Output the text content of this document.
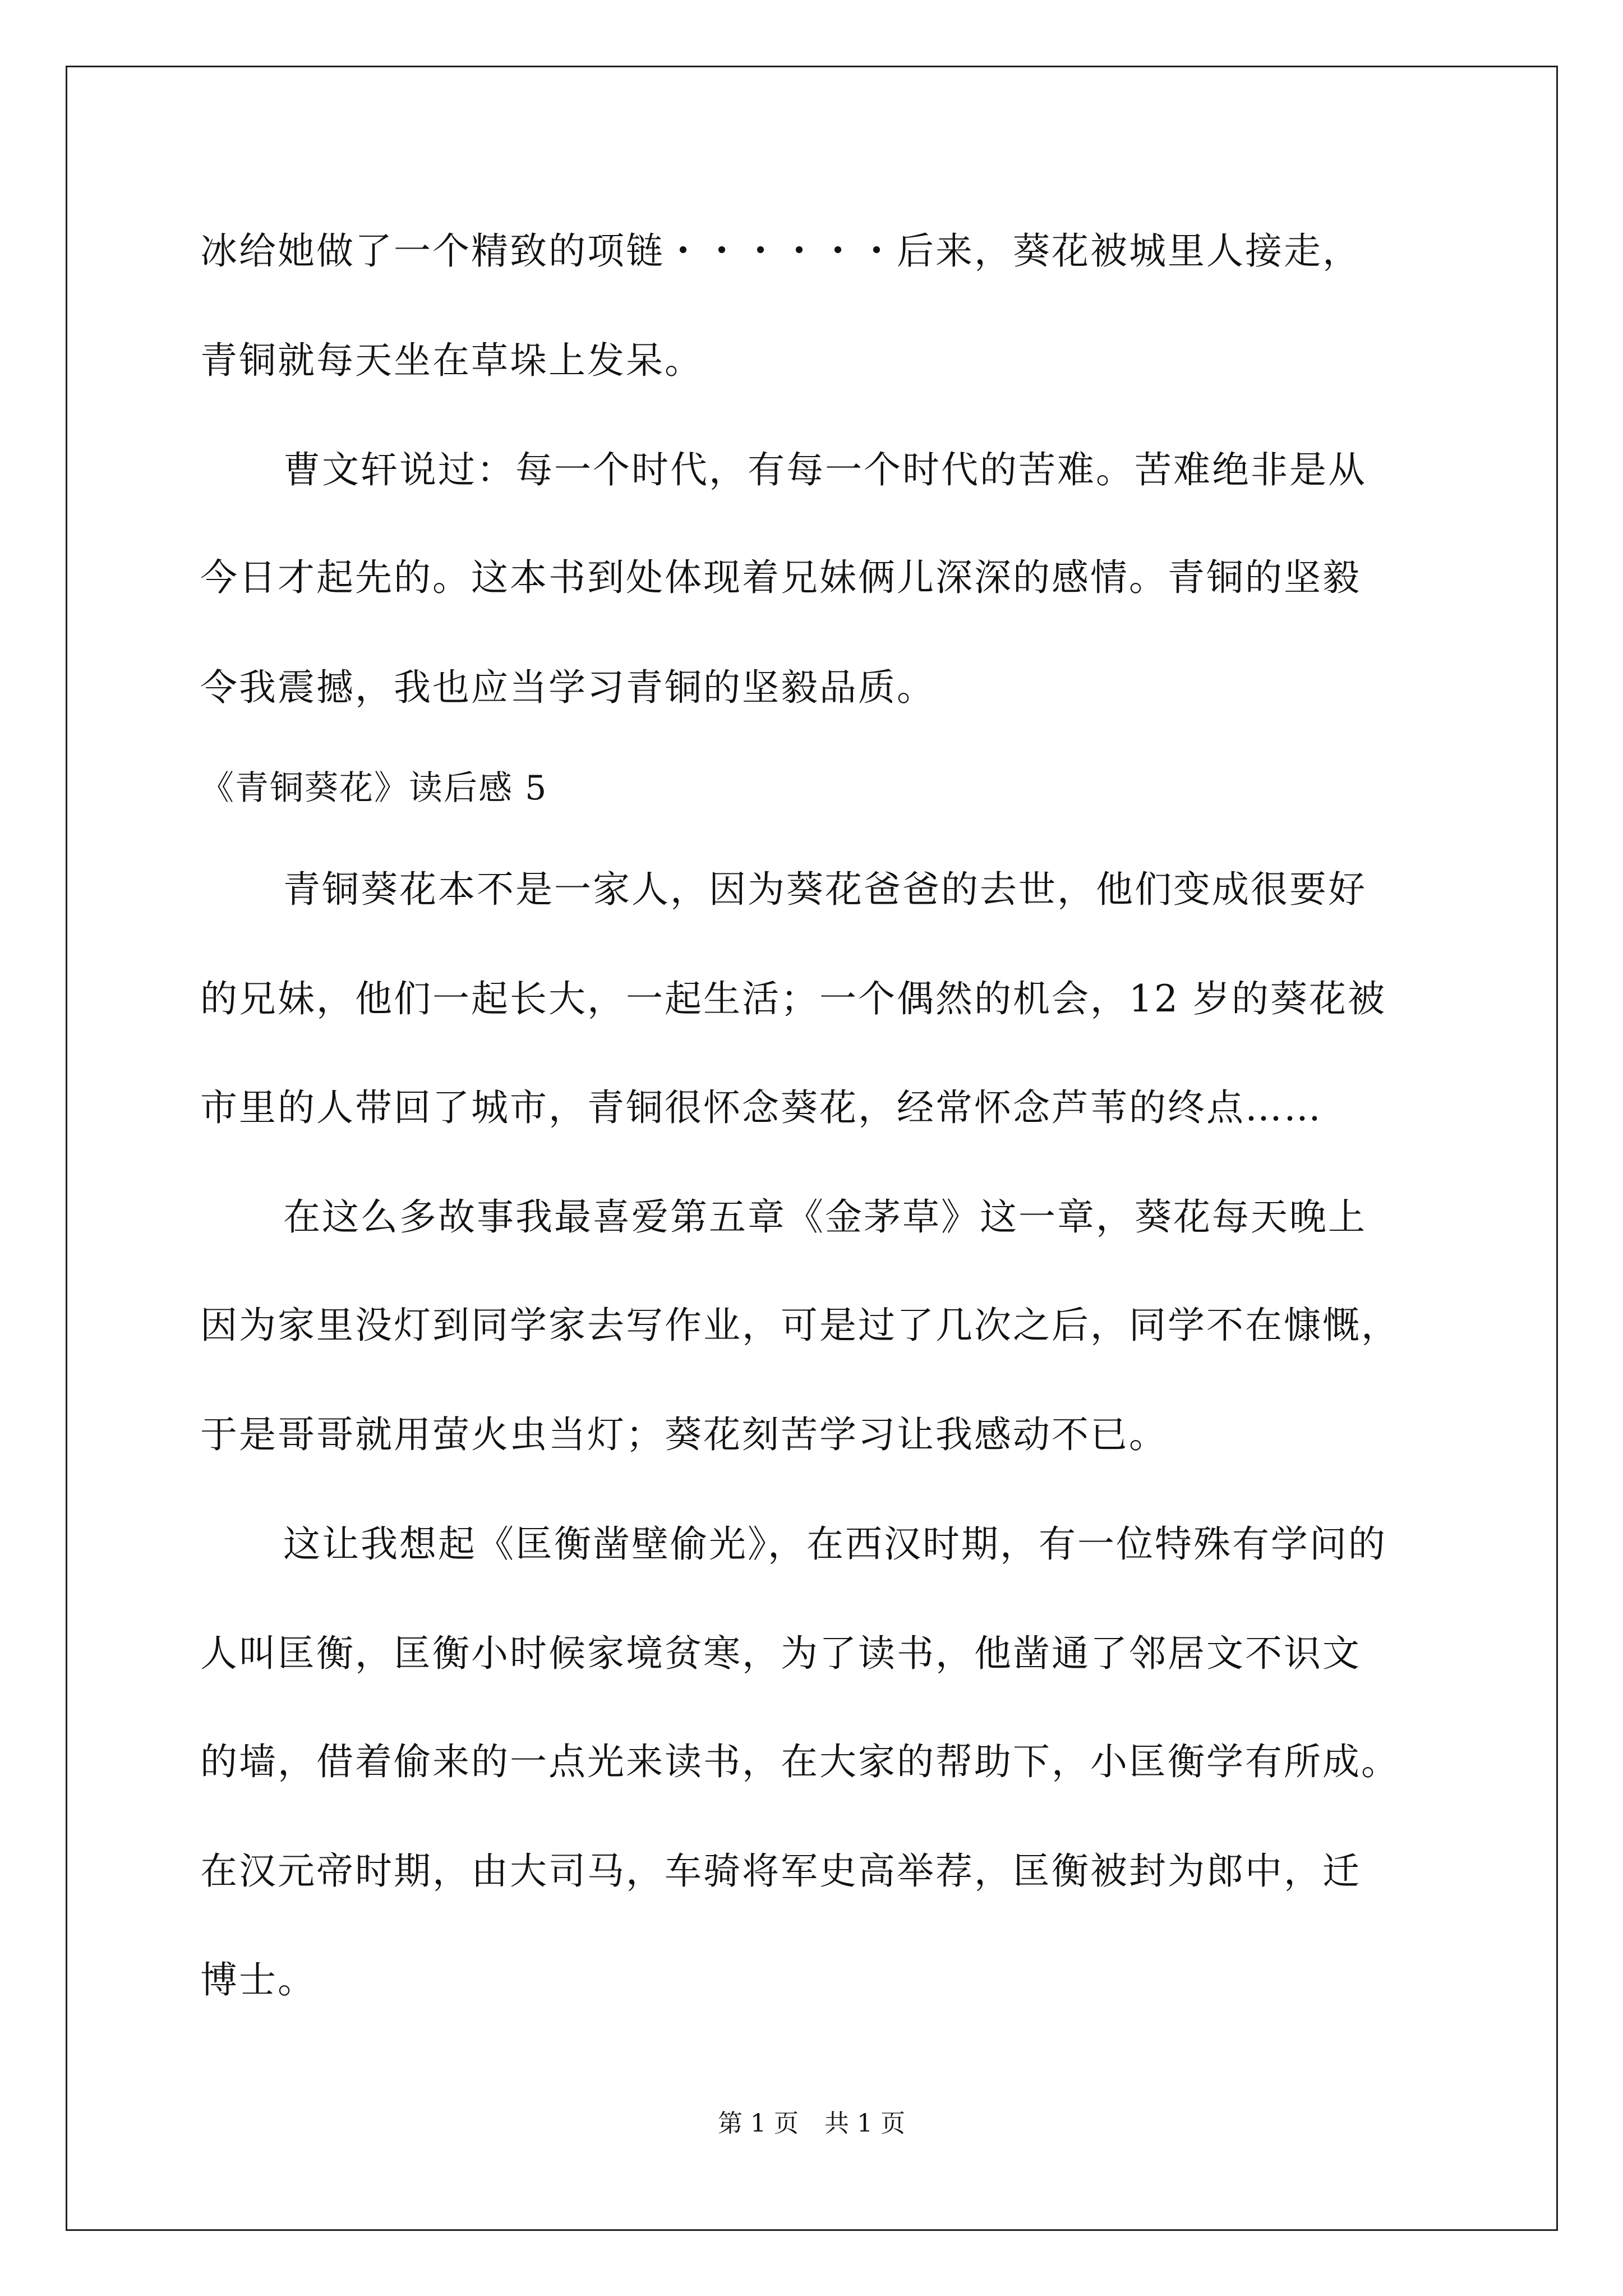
冰给她做了一个精致的项链・・・・・・后来，葵花被城里人接走，
青铜就每天坐在草垛上发呆。
曹文轩说过：每一个时代，有每一个时代的苦难。苦难绝非是从
今日才起先的。这本书到处体现着兄妹俩儿深深的感情。青铜的坚毅
令我震撼，我也应当学习青铜的坚毅品质。
《青铜葵花》读后感 5
青铜葵花本不是一家人，因为葵花爸爸的去世，他们变成很要好
的兄妹，他们一起长大，一起生活；一个偶然的机会，12 岁的葵花被
市里的人带回了城市，青铜很怀念葵花，经常怀念芦苇的终点……
在这么多故事我最喜爱第五章《金茅草》这一章，葵花每天晚上
因为家里没灯到同学家去写作业，可是过了几次之后，同学不在慷慨，
于是哥哥就用萤火虫当灯；葵花刻苦学习让我感动不已。
这让我想起《匡衡凿壁偷光》，在西汉时期，有一位特殊有学问的
人叫匡衡，匡衡小时候家境贫寒，为了读书，他凿通了邻居文不识文
的墙，借着偷来的一点光来读书，在大家的帮助下，小匡衡学有所成。
在汉元帝时期，由大司马，车骑将军史高举荐，匡衡被封为郎中，迁
博士。
第 1 页 共 1 页
